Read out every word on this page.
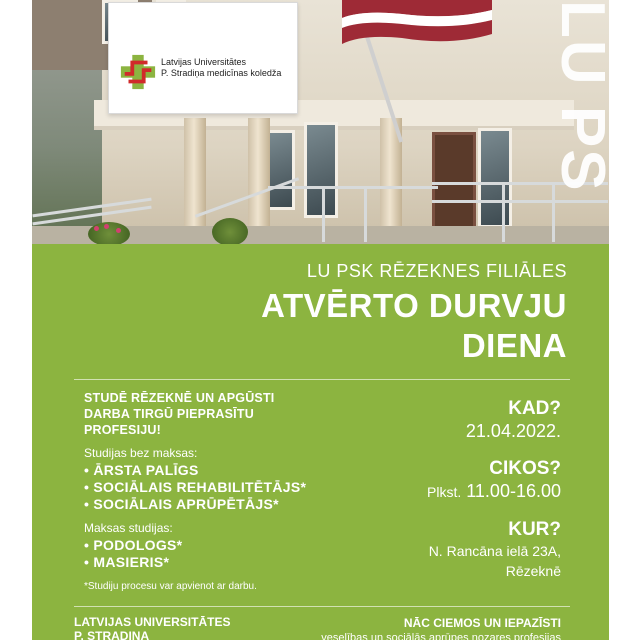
Latvijas Universitātes
P. Stradiņa medicīnas koledža	LU PS
LU PSK RĒZEKNES FILIĀLES
ATVĒRTO DURVJU
DIENA
STUDĒ RĒZEKNĒ UN APGŪSTI
DARBA TIRGŪ PIEPRASĪTU
PROFESIJU!
Studijas bez maksas:
• ĀRSTA PALĪGS
• SOCIĀLAIS REHABILITĒTĀJS*
• SOCIĀLAIS APRŪPĒTĀJS*
Maksas studijas:
• PODOLOGS*
• MASIERIS*
*Studiju procesu var apvienot ar darbu.
KAD?
21.04.2022.
CIKOS?
Plkst. 11.00-16.00
KUR?
N. Rancāna ielā 23A,
Rēzeknē
LATVIJAS UNIVERSITĀTES
P. STRADIŅA
NĀC CIEMOS UN IEPAZĪSTI
veselības un sociālās aprūpes nozares profesijas
